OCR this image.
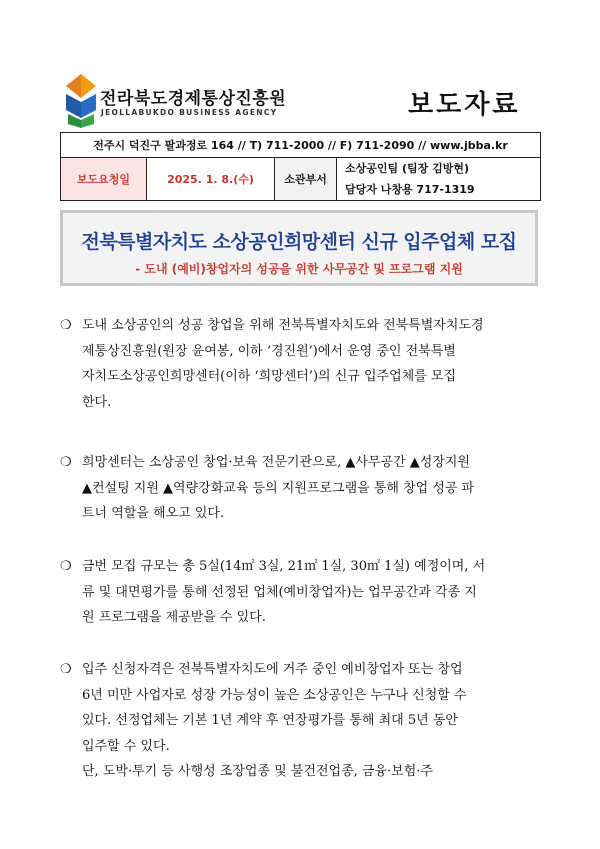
전라북도경제통상진흥원
JEOLLABUKDO BUSINESS AGENCY	보도자료
전주시 덕진구 팔과정로 164 // T) 711-2000 // F) 711-2090 // www.jbba.kr
보도요청일	2025. 1. 8.(수)	소관부서	
소상공인팀 (팀장 김방현)
담당자 나창용 717-1319
전북특별자치도 소상공인희망센터 신규 입주업체 모집
- 도내 (예비)창업자의 성공을 위한 사무공간 및 프로그램 지원
❍ 도내 소상공인의 성공 창업을 위해 전북특별자치도와 전북특별자치도경
제통상진흥원(원장 윤여봉, 이하 ‘경진원’)에서 운영 중인 전북특별
자치도소상공인희망센터(이하 ‘희망센터’)의 신규 입주업체를 모집
한다.
❍ 희망센터는 소상공인 창업·보육 전문기관으로, ▲사무공간 ▲성장지원
▲컨설팅 지원 ▲역량강화교육 등의 지원프로그램을 통해 창업 성공 파
트너 역할을 해오고 있다.
❍ 금번 모집 규모는 총 5실(14㎡ 3실, 21㎡ 1실, 30㎡ 1실) 예정이며, 서
류 및 대면평가를 통해 선정된 업체(예비창업자)는 업무공간과 각종 지
원 프로그램을 제공받을 수 있다.
❍ 입주 신청자격은 전북특별자치도에 거주 중인 예비창업자 또는 창업
6년 미만 사업자로 성장 가능성이 높은 소상공인은 누구나 신청할 수
있다. 선정업체는 기본 1년 계약 후 연장평가를 통해 최대 5년 동안
입주할 수 있다.
단, 도박·투기 등 사행성 조장업종 및 불건전업종, 금융·보험·주
